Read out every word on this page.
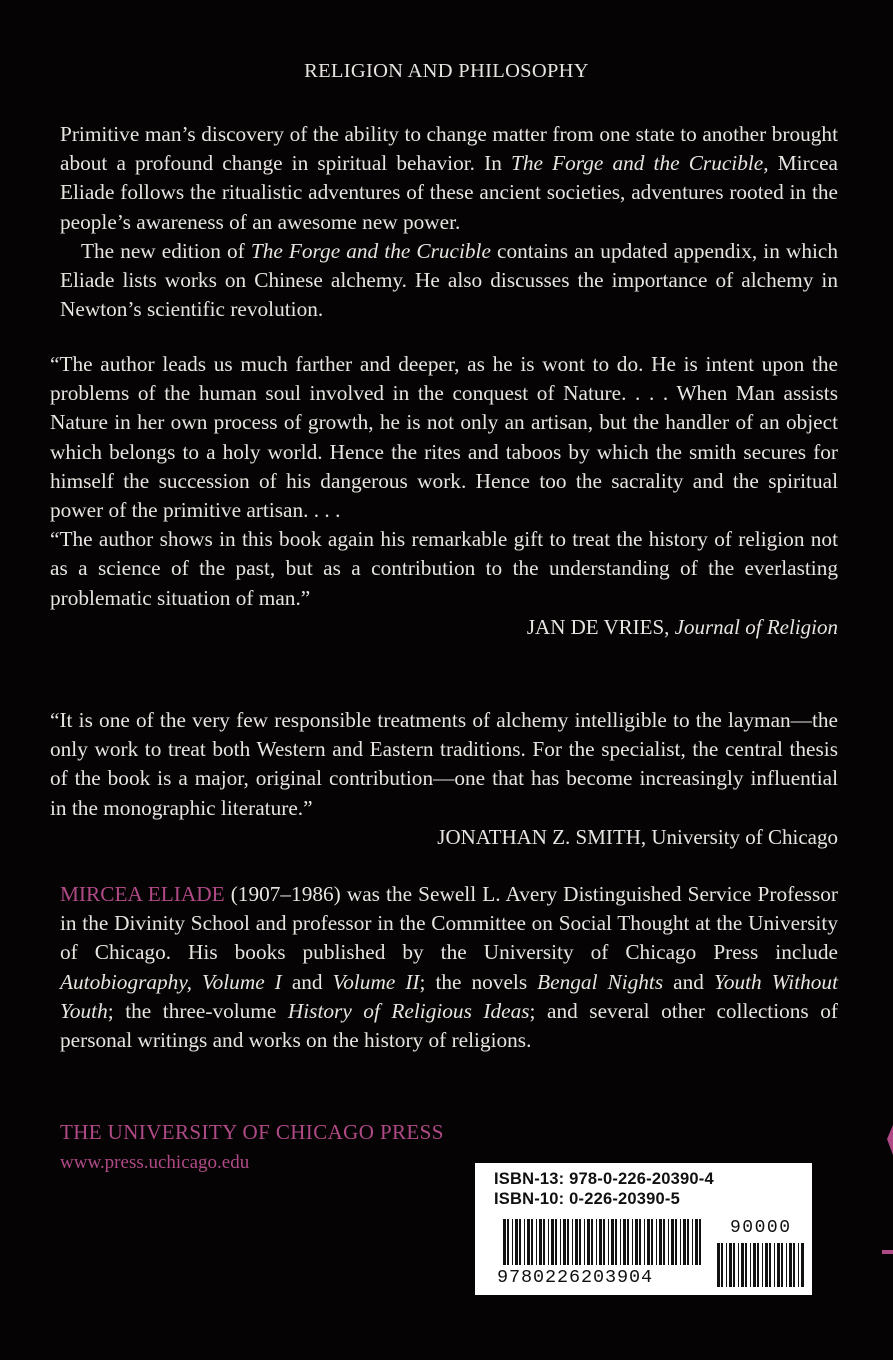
RELIGION AND PHILOSOPHY

Primitive man’s discovery of the ability to change matter from one state to another brought about a profound change in spiritual behavior. In The Forge and the Crucible, Mircea Eliade follows the ritualistic adventures of these ancient societies, adventures rooted in the people’s awareness of an awesome new power.

The new edition of The Forge and the Crucible contains an updated appendix, in which Eliade lists works on Chinese alchemy. He also discusses the importance of alchemy in Newton’s scientific revolution.

“The author leads us much farther and deeper, as he is wont to do. He is intent upon the problems of the human soul involved in the conquest of Nature. . . . When Man assists Nature in her own process of growth, he is not only an artisan, but the handler of an object which belongs to a holy world. Hence the rites and taboos by which the smith secures for himself the succession of his dangerous work. Hence too the sacrality and the spiritual power of the primitive artisan. . . .

“The author shows in this book again his remarkable gift to treat the history of religion not as a science of the past, but as a contribution to the understanding of the everlasting problematic situation of man.”

JAN DE VRIES, Journal of Religion

“It is one of the very few responsible treatments of alchemy intelligible to the layman—the only work to treat both Western and Eastern traditions. For the specialist, the central thesis of the book is a major, original contribution—one that has become increasingly influential in the monographic literature.”

JONATHAN Z. SMITH, University of Chicago

MIRCEA ELIADE (1907–1986) was the Sewell L. Avery Distinguished Service Professor in the Divinity School and professor in the Committee on Social Thought at the University of Chicago. His books published by the University of Chicago Press include Autobiography, Volume I and Volume II; the novels Bengal Nights and Youth Without Youth; the three-volume History of Religious Ideas; and several other collections of personal writings and works on the history of religions.

THE UNIVERSITY OF CHICAGO PRESS
www.press.uchicago.edu
ISBN-13: 978-0-226-20390-4
ISBN-10: 0-226-20390-5
9780226203904
90000
